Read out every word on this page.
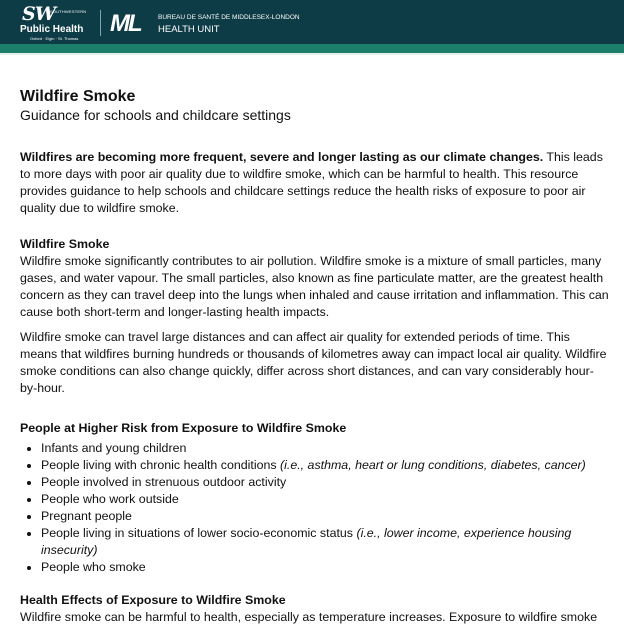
SW
SOUTHWESTERN
Public Health
Oxford · Elgin · St. Thomas
ML	BUREAU DE SANTÉ DE MIDDLESEX-LONDON
HEALTH UNIT
Wildfire Smoke
Guidance for schools and childcare settings

Wildfires are becoming more frequent, severe and longer lasting as our climate changes. This leads to more days with poor air quality due to wildfire smoke, which can be harmful to health. This resource provides guidance to help schools and childcare settings reduce the health risks of exposure to poor air quality due to wildfire smoke.

Wildfire Smoke

Wildfire smoke significantly contributes to air pollution. Wildfire smoke is a mixture of small particles, many gases, and water vapour. The small particles, also known as fine particulate matter, are the greatest health concern as they can travel deep into the lungs when inhaled and cause irritation and inflammation. This can cause both short-term and longer-lasting health impacts.

Wildfire smoke can travel large distances and can affect air quality for extended periods of time. This means that wildfires burning hundreds or thousands of kilometres away can impact local air quality. Wildfire smoke conditions can also change quickly, differ across short distances, and can vary considerably hour-by-hour.

People at Higher Risk from Exposure to Wildfire Smoke
• Infants and young children
• People living with chronic health conditions (i.e., asthma, heart or lung conditions, diabetes, cancer)
• People involved in strenuous outdoor activity
• People who work outside
• Pregnant people
• People living in situations of lower socio-economic status (i.e., lower income, experience housing insecurity)
• People who smoke
Health Effects of Exposure to Wildfire Smoke

Wildfire smoke can be harmful to health, especially as temperature increases. Exposure to wildfire smoke
